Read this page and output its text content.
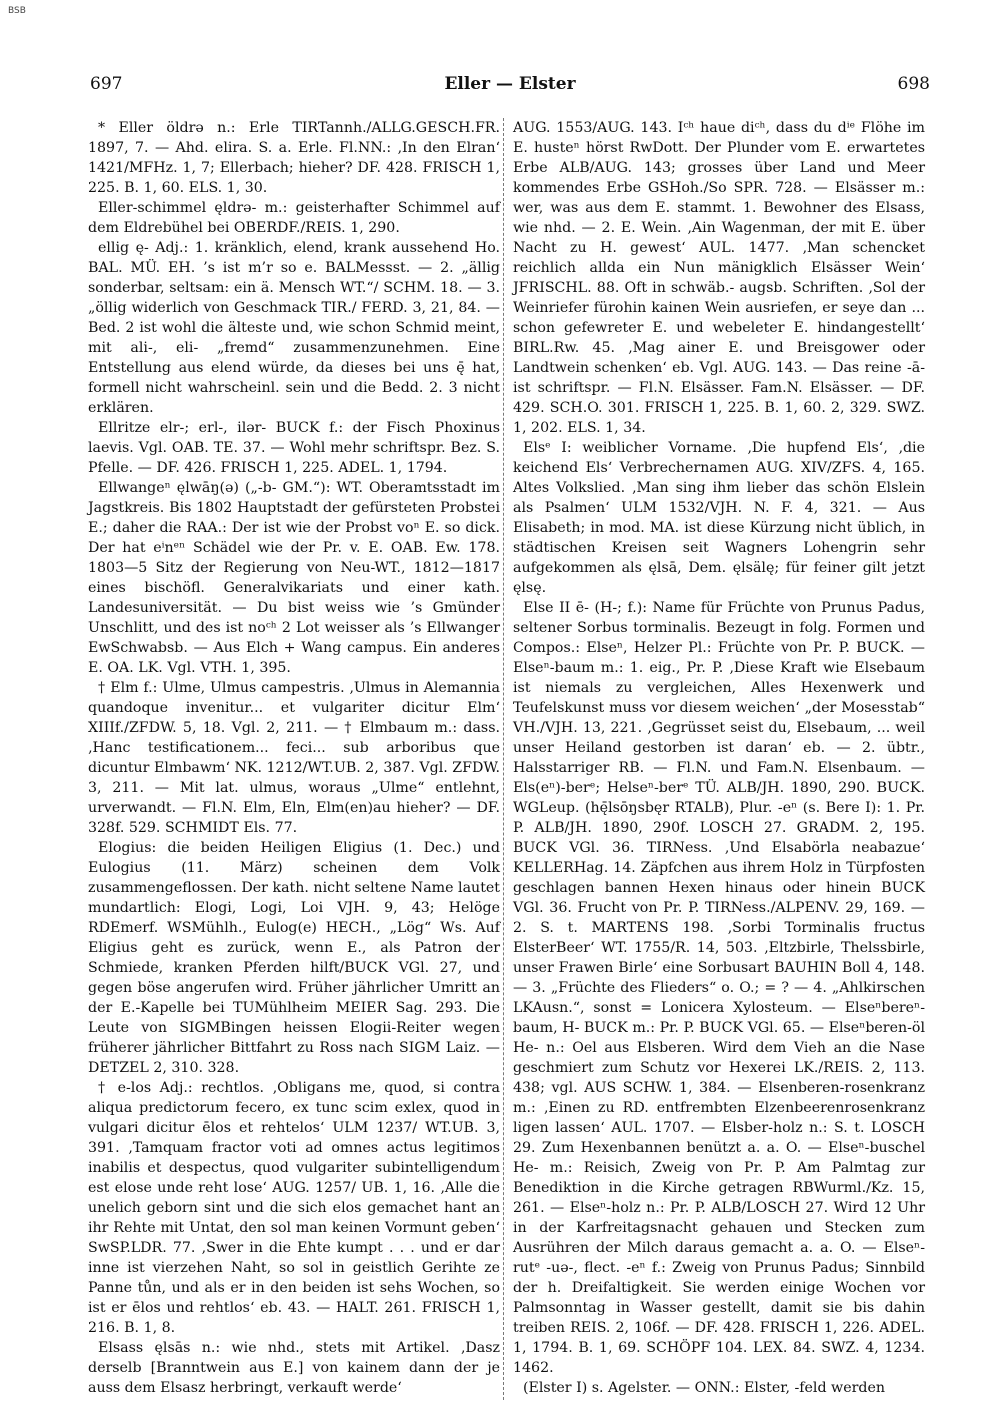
BSB
697	Eller — Elster	698

* Eller öldrə n.: Erle TIRTannh./ALLG.GESCH.FR. 1897, 7. — Ahd. elira. S. a. Erle. Fl.NN.: ‚In den Elran‘ 1421/MFHz. 1, 7; Ellerbach; hieher? DF. 428. FRISCH 1, 225. B. 1, 60. ELS. 1, 30.

Eller-schimmel ęldrə- m.: geisterhafter Schimmel auf dem Eldrebühel bei OBERDF./REIS. 1, 290.

ellig ę- Adj.: 1. kränklich, elend, krank aussehend Ho. BAL. MÜ. EH. ’s ist m’r so e. BALMessst. — 2. „ällig sonderbar, seltsam: ein ä. Mensch WT.“/ SCHM. 18. — 3. „öllig widerlich von Geschmack TIR./ FERD. 3, 21, 84. — Bed. 2 ist wohl die älteste und, wie schon Schmid meint, mit ali-, eli- „fremd“ zusammenzunehmen. Eine Entstellung aus elend würde, da dieses bei uns ę̄ hat, formell nicht wahrscheinl. sein und die Bedd. 2. 3 nicht erklären.

Ellritze elr-; erl-, ilər- BUCK f.: der Fisch Phoxinus laevis. Vgl. OAB. TE. 37. — Wohl mehr schriftspr. Bez. S. Pfelle. — DF. 426. FRISCH 1, 225. ADEL. 1, 1794.

Ellwangeⁿ ęlwāŋ(ə) („-b- GM.“): WT. Oberamtsstadt im Jagstkreis. Bis 1802 Hauptstadt der gefürsteten Probstei E.; daher die RAA.: Der ist wie der Probst voⁿ E. so dick. Der hat eⁱnᵉⁿ Schädel wie der Pr. v. E. OAB. Ew. 178. 1803—5 Sitz der Regierung von Neu-WT., 1812—1817 eines bischöfl. Generalvikariats und einer kath. Landesuniversität. — Du bist weiss wie ’s Gmünder Unschlitt, und des ist noᶜʰ 2 Lot weisser als ’s Ellwanger EwSchwabsb. — Aus Elch + Wang campus. Ein anderes E. OA. LK. Vgl. VTH. 1, 395.

† Elm f.: Ulme, Ulmus campestris. ‚Ulmus in Alemannia quandoque invenitur... et vulgariter dicitur Elm‘ XIIIf./ZFDW. 5, 18. Vgl. 2, 211. — † Elmbaum m.: dass. ‚Hanc testificationem... feci... sub arboribus que dicuntur Elmbawm‘ NK. 1212/WT.UB. 2, 387. Vgl. ZFDW. 3, 211. — Mit lat. ulmus, woraus „Ulme“ entlehnt, urverwandt. — Fl.N. Elm, Eln, Elm(en)au hieher? — DF. 328f. 529. SCHMIDT Els. 77.

Elogius: die beiden Heiligen Eligius (1. Dec.) und Eulogius (11. März) scheinen dem Volk zusammengeflossen. Der kath. nicht seltene Name lautet mundartlich: Elogi, Logi, Loi VJH. 9, 43; Helöge RDEmerf. WSMühlh., Eulog(e) HECH., „Lög“ Ws. Auf Eligius geht es zurück, wenn E., als Patron der Schmiede, kranken Pferden hilft/BUCK VGl. 27, und gegen böse angerufen wird. Früher jährlicher Umritt an der E.-Kapelle bei TUMühlheim MEIER Sag. 293. Die Leute von SIGMBingen heissen Elogii-Reiter wegen früherer jährlicher Bittfahrt zu Ross nach SIGM Laiz. — DETZEL 2, 310. 328.

† e-los Adj.: rechtlos. ‚Obligans me, quod, si contra aliqua predictorum fecero, ex tunc scim exlex, quod in vulgari dicitur ēlos et rehtelos‘ ULM 1237/ WT.UB. 3, 391. ‚Tamquam fractor voti ad omnes actus legitimos inabilis et despectus, quod vulgariter subintelligendum est elose unde reht lose‘ AUG. 1257/ UB. 1, 16. ‚Alle die unelich geborn sint und die sich elos gemachet hant an ihr Rehte mit Untat, den sol man keinen Vormunt geben‘ SwSP.LDR. 77. ‚Swer in die Ehte kumpt . . . und er dar inne ist vierzehen Naht, so sol in geistlich Gerihte ze Panne tůn, und als er in den beiden ist sehs Wochen, so ist er ēlos und rehtlos‘ eb. 43. — HALT. 261. FRISCH 1, 216. B. 1, 8.

Elsass ęlsās n.: wie nhd., stets mit Artikel. ‚Dasz derselb [Branntwein aus E.] von kainem dann der je auss dem Elsasz herbringt, verkauft werde‘

AUG. 1553/AUG. 143. Iᶜʰ haue diᶜʰ, dass du dⁱᵉ Flöhe im E. husteⁿ hörst RwDott. Der Plunder vom E. erwartetes Erbe ALB/AUG. 143; grosses über Land und Meer kommendes Erbe GSHoh./So SPR. 728. — Elsässer m.: wer, was aus dem E. stammt. 1. Bewohner des Elsass, wie nhd. — 2. E. Wein. ‚Ain Wagenman, der mit E. über Nacht zu H. gewest‘ AUL. 1477. ‚Man schencket reichlich allda ein Nun mänigklich Elsässer Wein‘ JFRISCHL. 88. Oft in schwäb.- augsb. Schriften. ‚Sol der Weinriefer fürohin kainen Wein ausriefen, er seye dan ... schon gefewreter E. und webeleter E. hindangestellt‘ BIRL.Rw. 45. ‚Mag ainer E. und Breisgower oder Landtwein schenken‘ eb. Vgl. AUG. 143. — Das reine -ā- ist schriftspr. — Fl.N. Elsässer. Fam.N. Elsässer. — DF. 429. SCH.O. 301. FRISCH 1, 225. B. 1, 60. 2, 329. SWZ. 1, 202. ELS. 1, 34.

Elsᵉ I: weiblicher Vorname. ‚Die hupfend Els‘, ‚die keichend Els‘ Verbrechernamen AUG. XIV/ZFS. 4, 165. Altes Volkslied. ‚Man sing ihm lieber das schön Elslein als Psalmen‘ ULM 1532/VJH. N. F. 4, 321. — Aus Elisabeth; in mod. MA. ist diese Kürzung nicht üblich, in städtischen Kreisen seit Wagners Lohengrin sehr aufgekommen als ęlsā, Dem. ęlsälę; für feiner gilt jetzt ęlsę.

Else II ē- (H-; f.): Name für Früchte von Prunus Padus, seltener Sorbus torminalis. Bezeugt in folg. Formen und Compos.: Elseⁿ, Helzer Pl.: Früchte von Pr. P. BUCK. — Elseⁿ-baum m.: 1. eig., Pr. P. ‚Diese Kraft wie Elsebaum ist niemals zu vergleichen, Alles Hexenwerk und Teufelskunst muss vor diesem weichen‘ „der Mosesstab“ VH./VJH. 13, 221. ‚Gegrüsset seist du, Elsebaum, ... weil unser Heiland gestorben ist daran‘ eb. — 2. übtr., Halsstarriger RB. — Fl.N. und Fam.N. Elsenbaum. — Els(eⁿ)-berᵉ; Helseⁿ-berᵉ TÜ. ALB/JH. 1890, 290. BUCK. WGLeup. (hę̄lsōŋsbęr RTALB), Plur. -eⁿ (s. Bere I): 1. Pr. P. ALB/JH. 1890, 290f. LOSCH 27. GRADM. 2, 195. BUCK VGl. 36. TIRNess. ‚Und Elsabörla neabazue‘ KELLERHag. 14. Zäpfchen aus ihrem Holz in Türpfosten geschlagen bannen Hexen hinaus oder hinein BUCK VGl. 36. Frucht von Pr. P. TIRNess./ALPENV. 29, 169. — 2. S. t. MARTENS 198. ‚Sorbi Torminalis fructus ElsterBeer‘ WT. 1755/R. 14, 503. ‚Eltzbirle, Thelssbirle, unser Frawen Birle‘ eine Sorbusart BAUHIN Boll 4, 148. — 3. „Früchte des Flieders“ o. O.; = ? — 4. „Ahlkirschen LKAusn.“, sonst = Lonicera Xylosteum. — Elseⁿbereⁿ-baum, H- BUCK m.: Pr. P. BUCK VGl. 65. — Elseⁿberen-öl He- n.: Oel aus Elsberen. Wird dem Vieh an die Nase geschmiert zum Schutz vor Hexerei LK./REIS. 2, 113. 438; vgl. AUS SCHW. 1, 384. — Elsenberen-rosenkranz m.: ‚Einen zu RD. entfrembten Elzenbeerenrosenkranz ligen lassen‘ AUL. 1707. — Elsber-holz n.: S. t. LOSCH 29. Zum Hexenbannen benützt a. a. O. — Elseⁿ-buschel He- m.: Reisich, Zweig von Pr. P. Am Palmtag zur Benediktion in die Kirche getragen RBWurml./Kz. 15, 261. — Elseⁿ-holz n.: Pr. P. ALB/LOSCH 27. Wird 12 Uhr in der Karfreitagsnacht gehauen und Stecken zum Ausrühren der Milch daraus gemacht a. a. O. — Elseⁿ-rutᵉ -uə-, flect. -eⁿ f.: Zweig von Prunus Padus; Sinnbild der h. Dreifaltigkeit. Sie werden einige Wochen vor Palmsonntag in Wasser gestellt, damit sie bis dahin treiben REIS. 2, 106f. — DF. 428. FRISCH 1, 226. ADEL. 1, 1794. B. 1, 69. SCHÖPF 104. LEX. 84. SWZ. 4, 1234. 1462.

(Elster I) s. Agelster. — ONN.: Elster, -feld werden
